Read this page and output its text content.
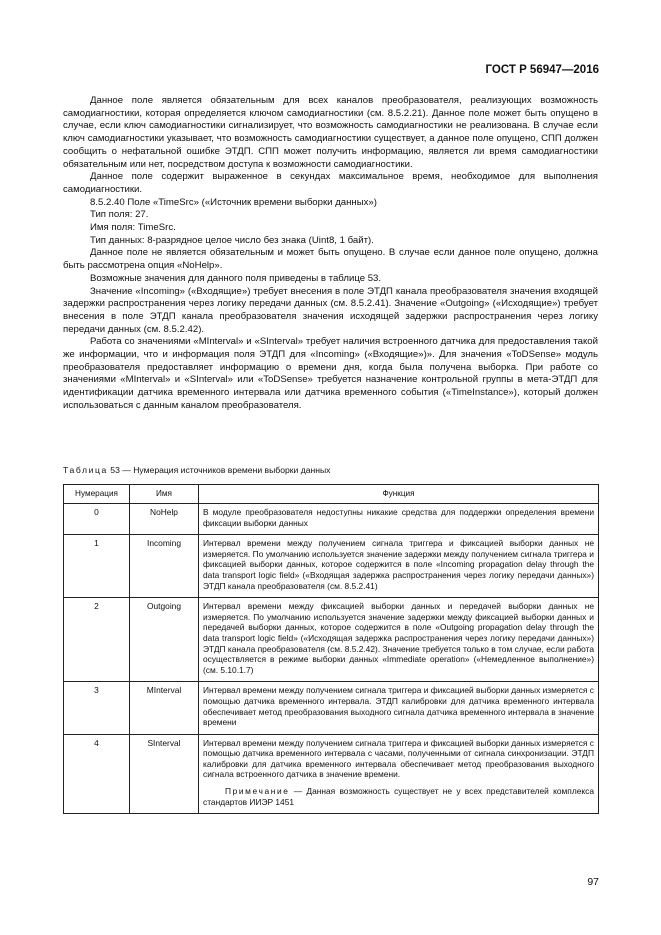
ГОСТ Р 56947—2016

Данное поле является обязательным для всех каналов преобразователя, реализующих возможность самодиагностики, которая определяется ключом самодиагностики (см. 8.5.2.21). Данное поле может быть опущено в случае, если ключ самодиагностики сигнализирует, что возможность самодиагностики не реализована. В случае если ключ самодиагностики указывает, что возможность самодиагностики существует, а данное поле опущено, СПП должен сообщить о нефатальной ошибке ЭТДП. СПП может получить информацию, является ли время самодиагностики обязательным или нет, посредством доступа к возможности самодиагностики.

Данное поле содержит выраженное в секундах максимальное время, необходимое для выполнения самодиагностики.

8.5.2.40 Поле «TimeSrc» («Источник времени выборки данных»)

Тип поля: 27.

Имя поля: TimeSrc.

Тип данных: 8-разрядное целое число без знака (Uint8, 1 байт).

Данное поле не является обязательным и может быть опущено. В случае если данное поле опущено, должна быть рассмотрена опция «NoHelp».

Возможные значения для данного поля приведены в таблице 53.

Значение «Incoming» («Входящие») требует внесения в поле ЭТДП канала преобразователя значения входящей задержки распространения через логику передачи данных (см. 8.5.2.41). Значение «Outgoing» («Исходящие») требует внесения в поле ЭТДП канала преобразователя значения исходящей задержки распространения через логику передачи данных (см. 8.5.2.42).

Работа со значениями «MInterval» и «SInterval» требует наличия встроенного датчика для предоставления такой же информации, что и информация поля ЭТДП для «Incoming» («Входящие»)». Для значения «ToDSense» модуль преобразователя предоставляет информацию о времени дня, когда была получена выборка. При работе со значениями «MInterval» и «SInterval» или «ToDSense» требуется назначение контрольной группы в мета-ЭТДП для идентификации датчика временного интервала или датчика временного события («TimeInstance»), который должен использоваться с данным каналом преобразователя.

Таблица 53 — Нумерация источников времени выборки данных
Нумерация	Имя	Функция
0	NoHelp	В модуле преобразователя недоступны никакие средства для поддержки определения времени фиксации выборки данных
1	Incoming	Интервал времени между получением сигнала триггера и фиксацией выборки данных не измеряется. По умолчанию используется значение задержки между получением сигнала триггера и фиксацией выборки данных, которое содержится в поле «Incoming propagation delay through the data transport logic field» («Входящая задержка распространения через логику передачи данных») ЭТДП канала преобразователя (см. 8.5.2.41)
2	Outgoing	Интервал времени между фиксацией выборки данных и передачей выборки данных не измеряется. По умолчанию используется значение задержки между фиксацией выборки данных и передачей выборки данных, которое содержится в поле «Outgoing propagation delay through the data transport logic field» («Исходящая задержка распространения через логику передачи данных») ЭТДП канала преобразователя (см. 8.5.2.42). Значение требуется только в том случае, если работа осуществляется в режиме выборки данных «Immediate operation» («Немедленное выполнение») (см. 5.10.1.7)
3	MInterval	Интервал времени между получением сигнала триггера и фиксацией выборки данных измеряется с помощью датчика временного интервала. ЭТДП калибровки для датчика временного интервала обеспечивает метод преобразования выходного сигнала датчика временного интервала в значение времени
4	SInterval	Интервал времени между получением сигнала триггера и фиксацией выборки данных измеряется с помощью датчика временного интервала с часами, полученными от сигнала синхронизации. ЭТДП калибровки для датчика временного интервала обеспечивает метод преобразования выходного сигнала встроенного датчика в значение времени.
Примечание — Данная возможность существует не у всех представителей комплекса стандартов ИИЭР 1451
97
